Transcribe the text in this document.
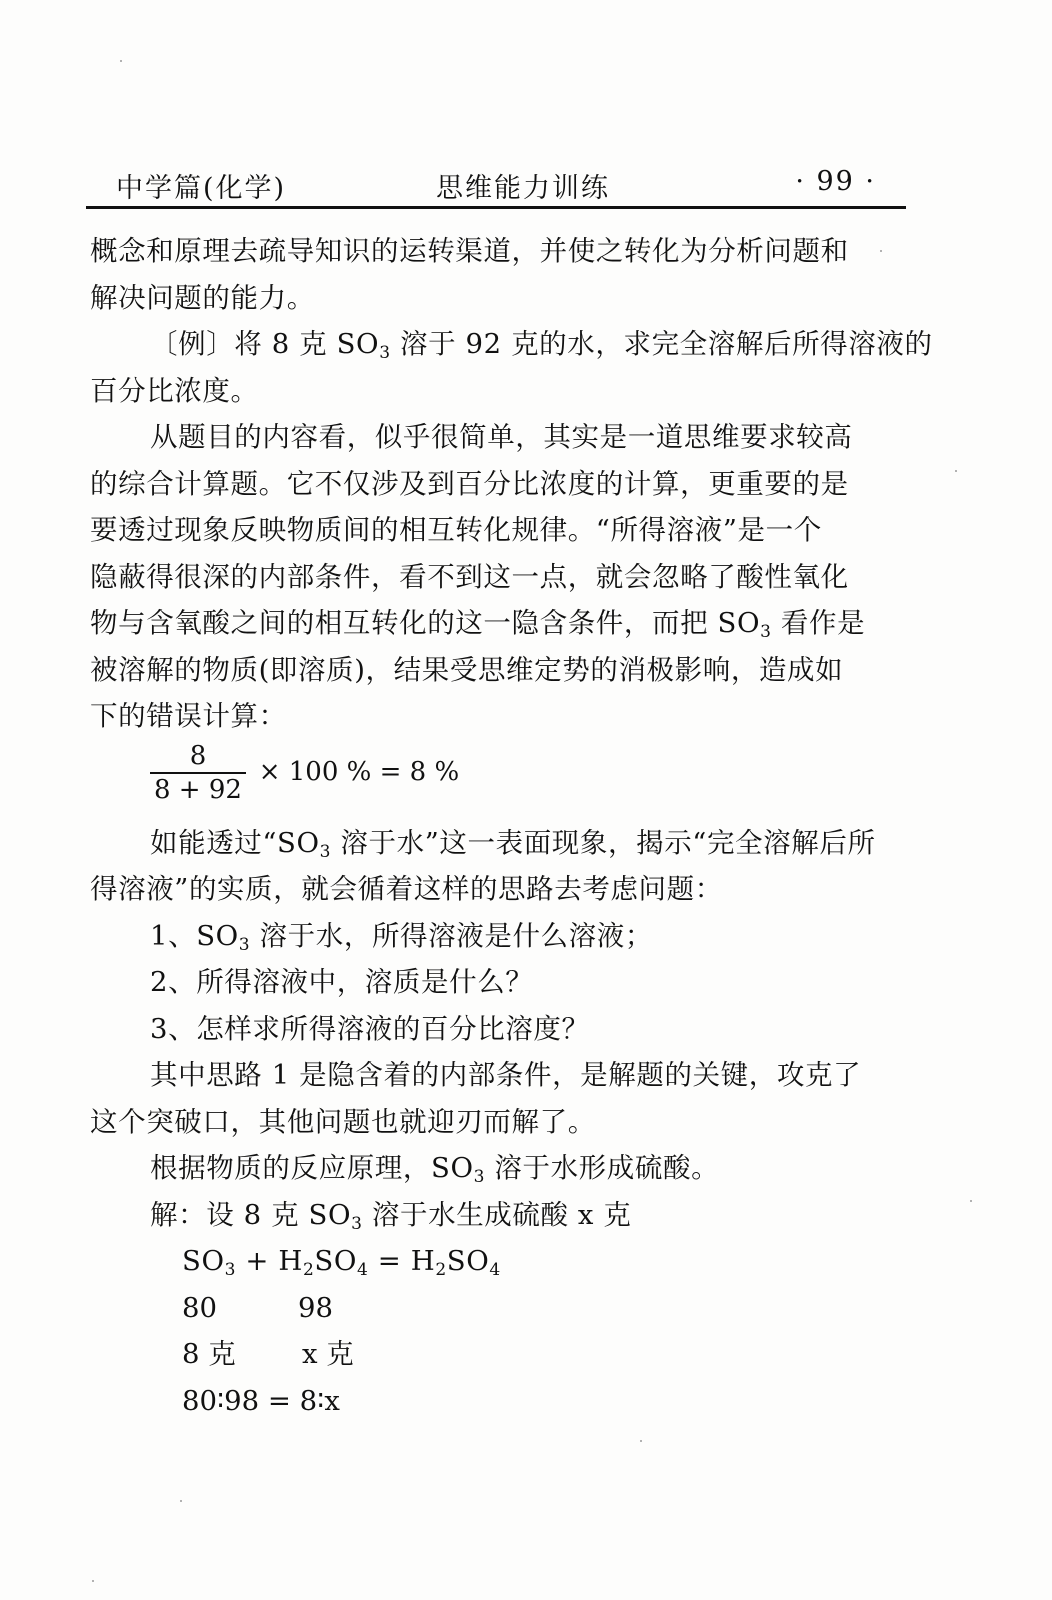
中学篇(化学)	思维能力训练	· 99 ·
概念和原理去疏导知识的运转渠道，并使之转化为分析问题和
解决问题的能力。
〔例〕将 8 克 $SO_3$ 溶于 92 克的水，求完全溶解后所得溶液的
百分比浓度。
从题目的内容看，似乎很简单，其实是一道思维要求较高
的综合计算题。它不仅涉及到百分比浓度的计算，更重要的是
要透过现象反映物质间的相互转化规律。“所得溶液”是一个
隐蔽得很深的内部条件，看不到这一点，就会忽略了酸性氧化
物与含氧酸之间的相互转化的这一隐含条件，而把 $SO_3$ 看作是
被溶解的物质(即溶质)，结果受思维定势的消极影响，造成如
下的错误计算：
$\frac{8}{8 + 92} \times 100$ % = 8 %
如能透过“$SO_3$ 溶于水”这一表面现象，揭示“完全溶解后所
得溶液”的实质，就会循着这样的思路去考虑问题：
1、$SO_3$ 溶于水，所得溶液是什么溶液；
2、所得溶液中，溶质是什么？
3、怎样求所得溶液的百分比溶度？
其中思路 1 是隐含着的内部条件，是解题的关键，攻克了
这个突破口，其他问题也就迎刃而解了。
根据物质的反应原理，$SO_3$ 溶于水形成硫酸。
解：设 8 克 $SO_3$ 溶于水生成硫酸 x 克
$SO_3 + H_2SO_4 = H_2SO_4$
80	98
8 克 x 克
80∶98 = 8∶x
